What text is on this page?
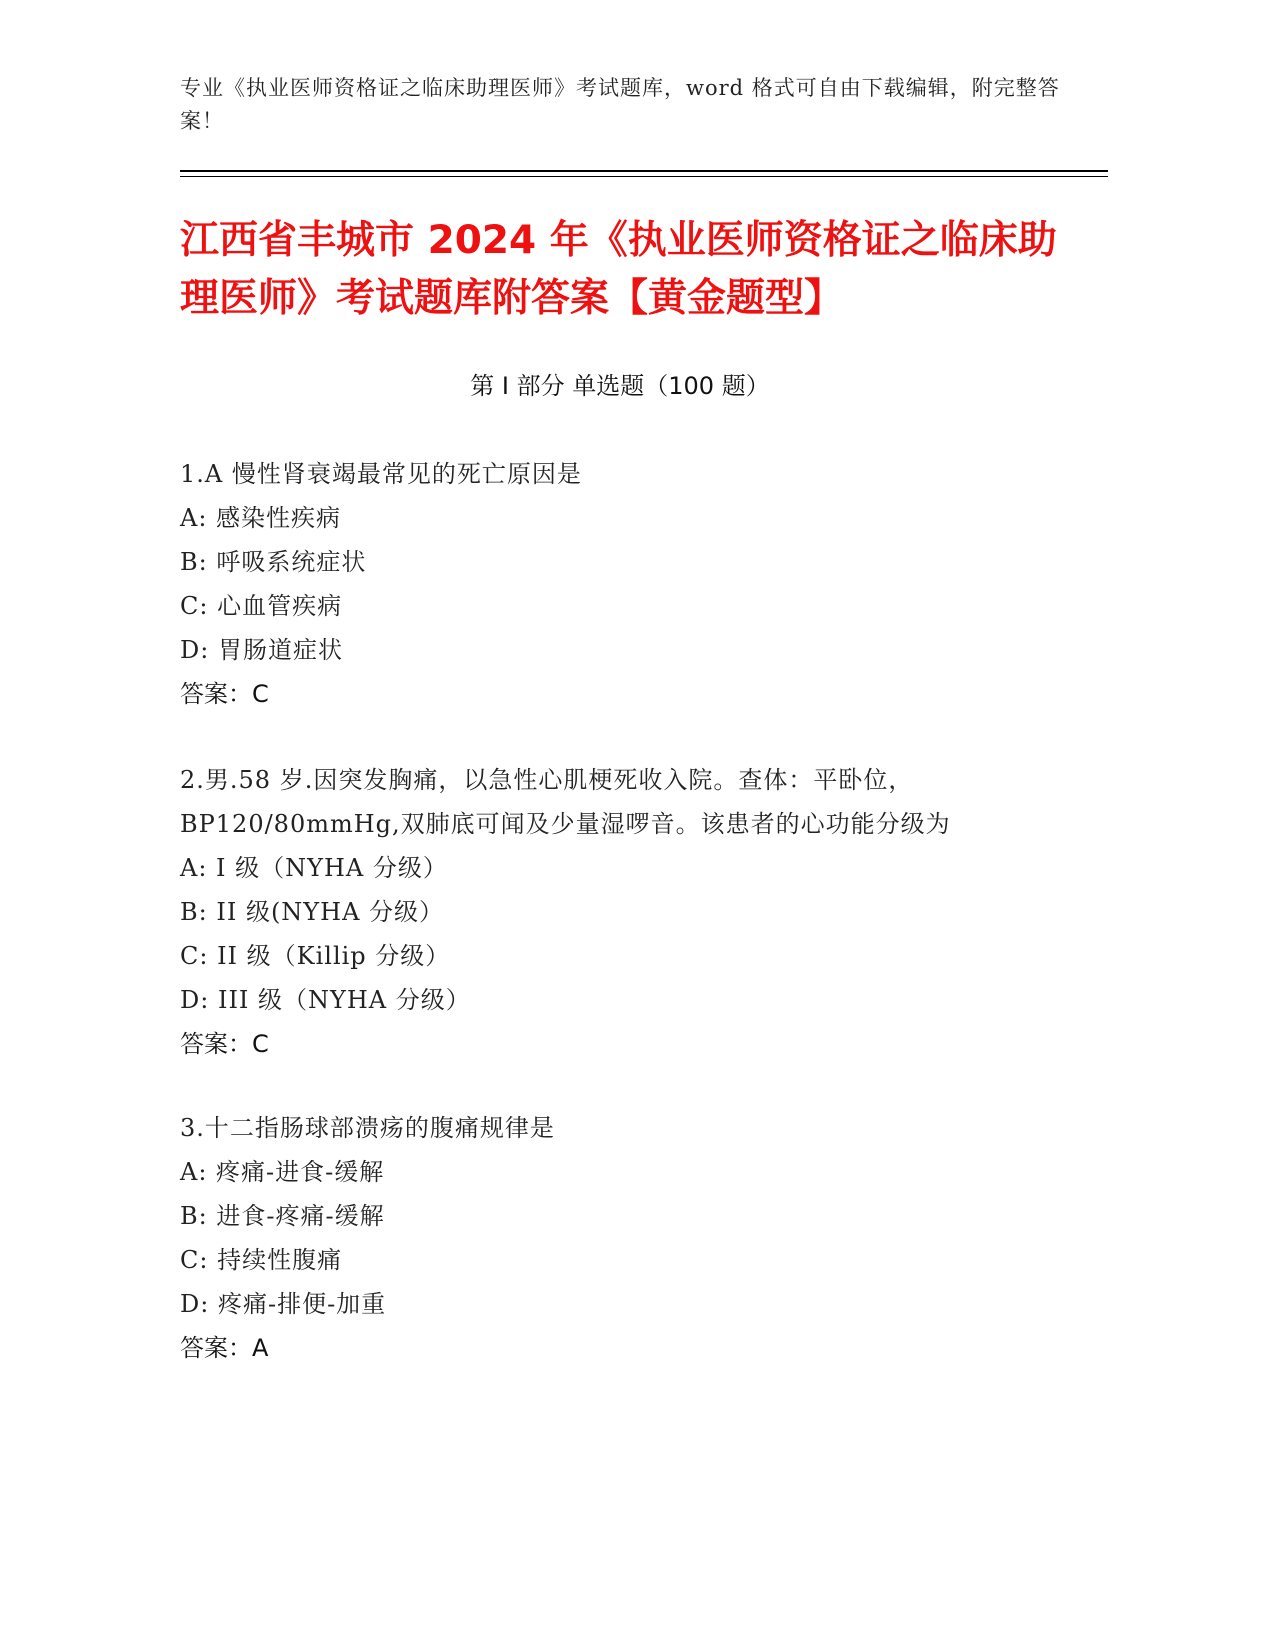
专业《执业医师资格证之临床助理医师》考试题库，word 格式可自由下载编辑，附完整答案！
江西省丰城市 2024 年《执业医师资格证之临床助理医师》考试题库附答案【黄金题型】
第 I 部分 单选题（100 题）
1.A 慢性肾衰竭最常见的死亡原因是
A: 感染性疾病
B: 呼吸系统症状
C: 心血管疾病
D: 胃肠道症状
答案：C
2.男.58 岁.因突发胸痛，以急性心肌梗死收入院。查体：平卧位，BP120/80mmHg,双肺底可闻及少量湿啰音。该患者的心功能分级为
A: I 级（NYHA 分级）
B: II 级(NYHA 分级）
C: II 级（Killip 分级）
D: III 级（NYHA 分级）
答案：C
3.十二指肠球部溃疡的腹痛规律是
A: 疼痛-进食-缓解
B: 进食-疼痛-缓解
C: 持续性腹痛
D: 疼痛-排便-加重
答案：A
